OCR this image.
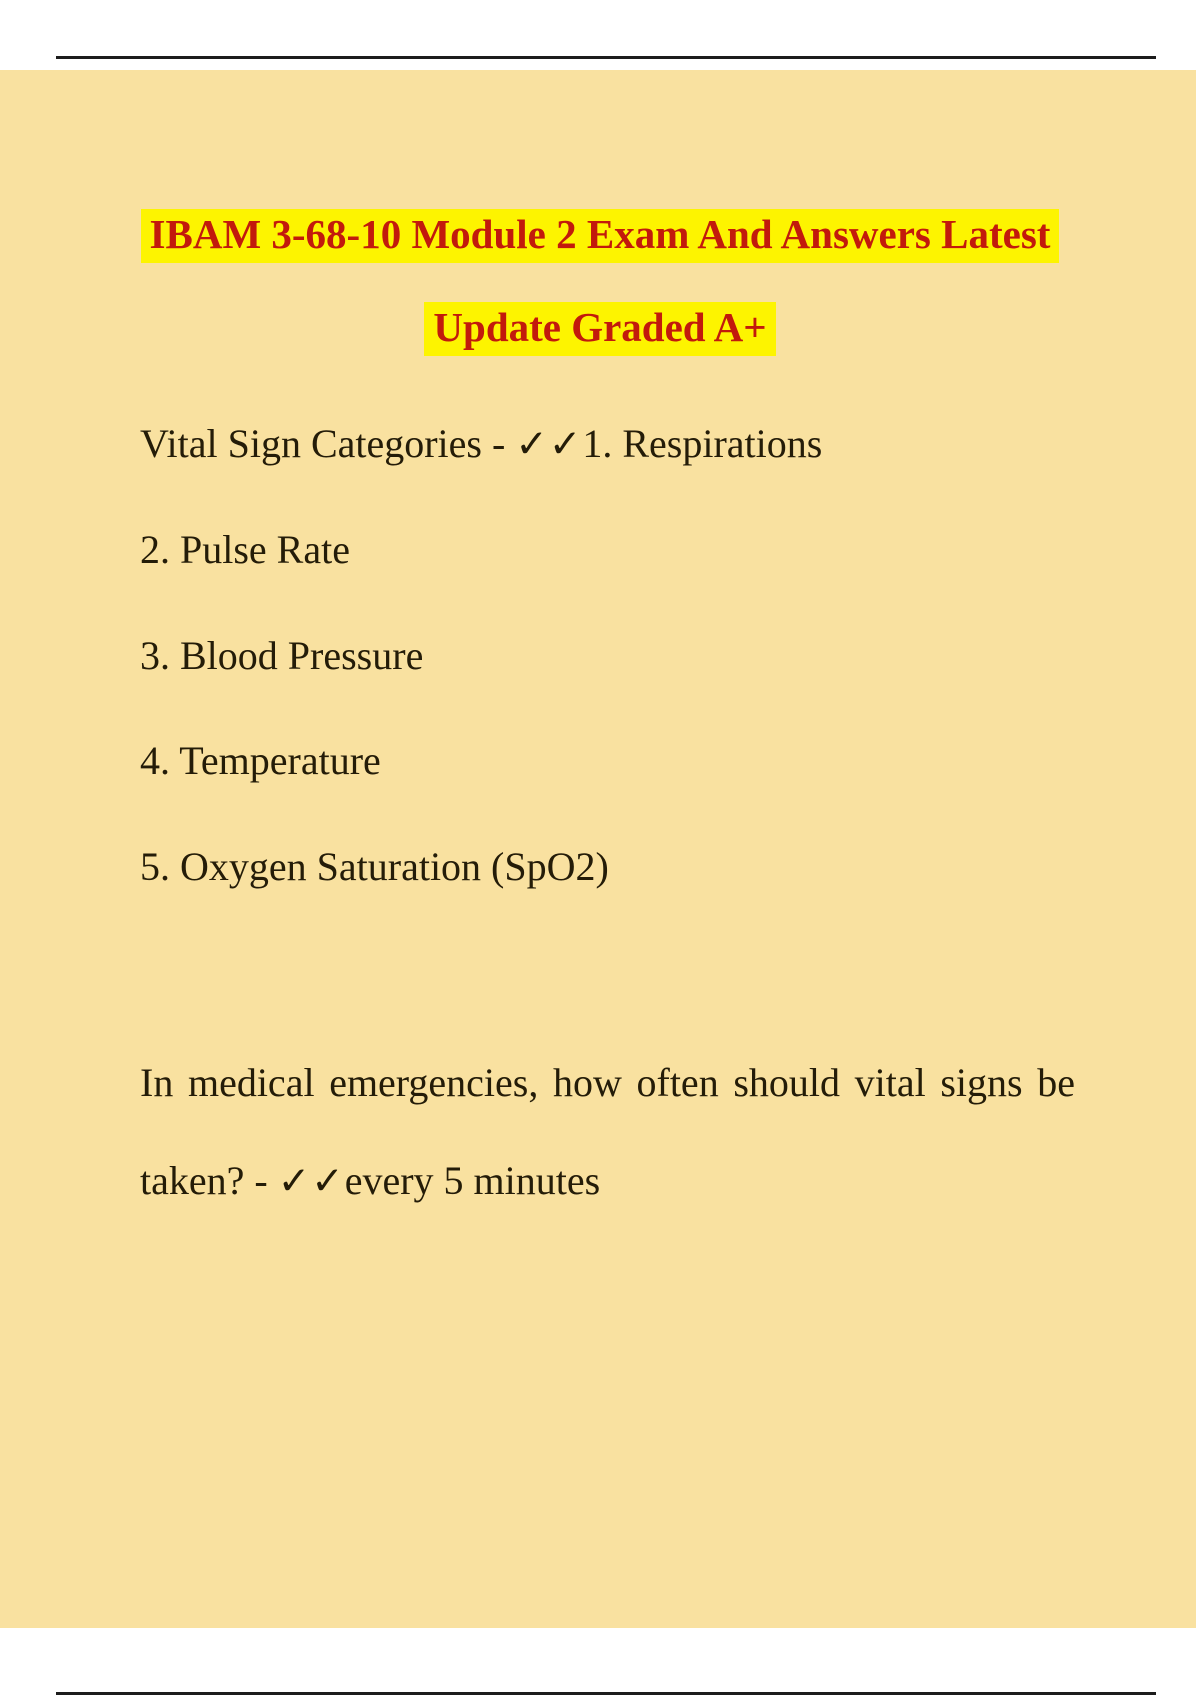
IBAM 3-68-10 Module 2 Exam And Answers Latest
Update Graded A+
Vital Sign Categories - ✓✓1. Respirations
2. Pulse Rate
3. Blood Pressure
4. Temperature
5. Oxygen Saturation (SpO2)
In medical emergencies, how often should vital signs be
taken? - ✓✓every 5 minutes
